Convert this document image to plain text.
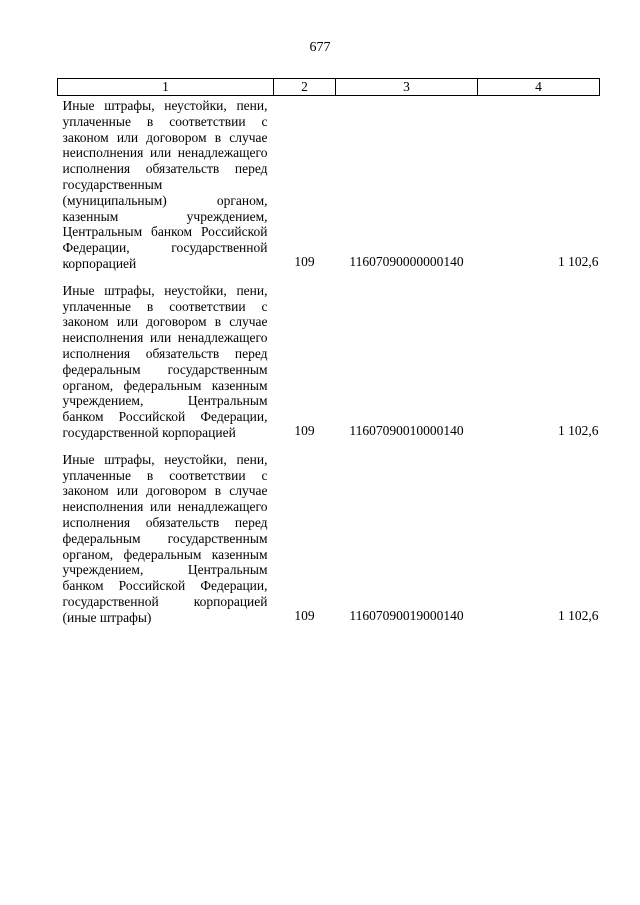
677
1	2	3	4
Иные штрафы, неустойки, пени, уплаченные в соответствии с законом или договором в случае неисполнения или ненадлежащего исполнения обязательств перед государственным (муниципальным) органом, казенным учреждением, Центральным банком Российской Федерации, государственной корпорацией	109	11607090000000140	1 102,6
Иные штрафы, неустойки, пени, уплаченные в соответствии с законом или договором в случае неисполнения или ненадлежащего исполнения обязательств перед федеральным государственным органом, федеральным казенным учреждением, Центральным банком Российской Федерации, государственной корпорацией	109	11607090010000140	1 102,6
Иные штрафы, неустойки, пени, уплаченные в соответствии с законом или договором в случае неисполнения или ненадлежащего исполнения обязательств перед федеральным государственным органом, федеральным казенным учреждением, Центральным банком Российской Федерации, государственной корпорацией (иные штрафы)	109	11607090019000140	1 102,6
